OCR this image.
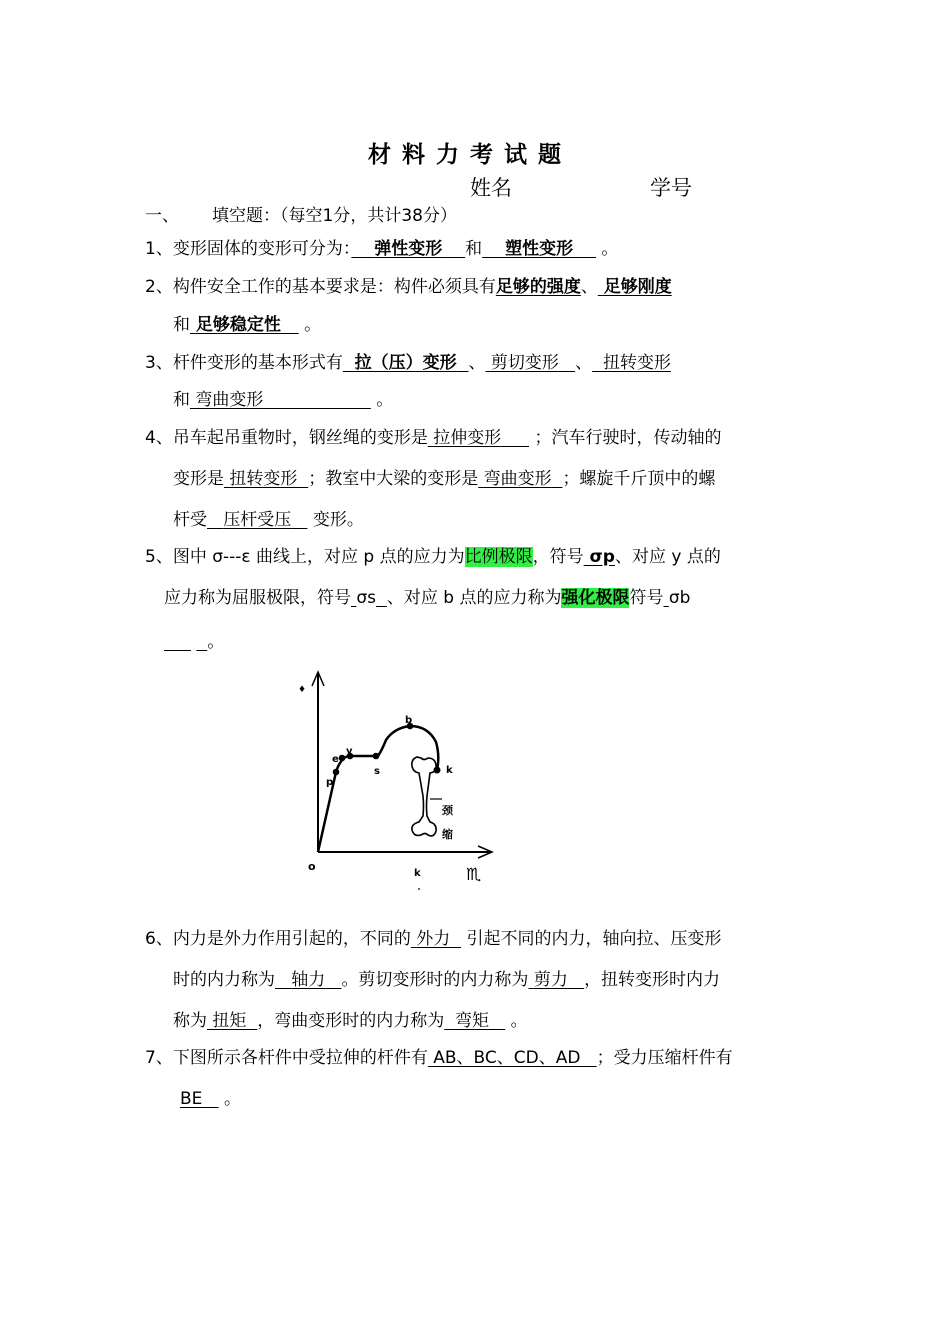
材料力考试题
姓名	学号
一、 填空题：（每空1分，共计38分）
1、变形固体的变形可分为：　 弹性变形　 和 　 塑性变形　 。
2、构件安全工作的基本要求是：构件必须具有足够的强度、 足够刚度
和 足够稳定性 。
3、杆件变形的基本形式有 拉（压）变形 、 剪切变形 、 扭转变形
和 弯曲变形　　　　　　	。
4、吊车起吊重物时，钢丝绳的变形是 拉伸变形　 ；汽车行驶时，传动轴的
变形是 扭转变形 ；教室中大梁的变形是 弯曲变形 ；螺旋千斤顶中的螺
杆受 压杆受压 变形。
5、图中 σ---ε 曲线上，对应 p 点的应力为比例极限，符号 σp、对应 y 点的
应力称为屈服极限，符号 σs 、对应 b 点的应力称为强化极限符号 σb
。
o
p
e
y
s
b
k
颈
缩
k	♏
♦
6、内力是外力作用引起的，不同的 外力 引起不同的内力，轴向拉、压变形
时的内力称为 轴力 。剪切变形时的内力称为 剪力 ，扭转变形时内力
称为 扭矩 ，弯曲变形时的内力称为 弯矩 。
7、下图所示各杆件中受拉伸的杆件有 AB、BC、CD、AD ；受力压缩杆件有
BE 。
